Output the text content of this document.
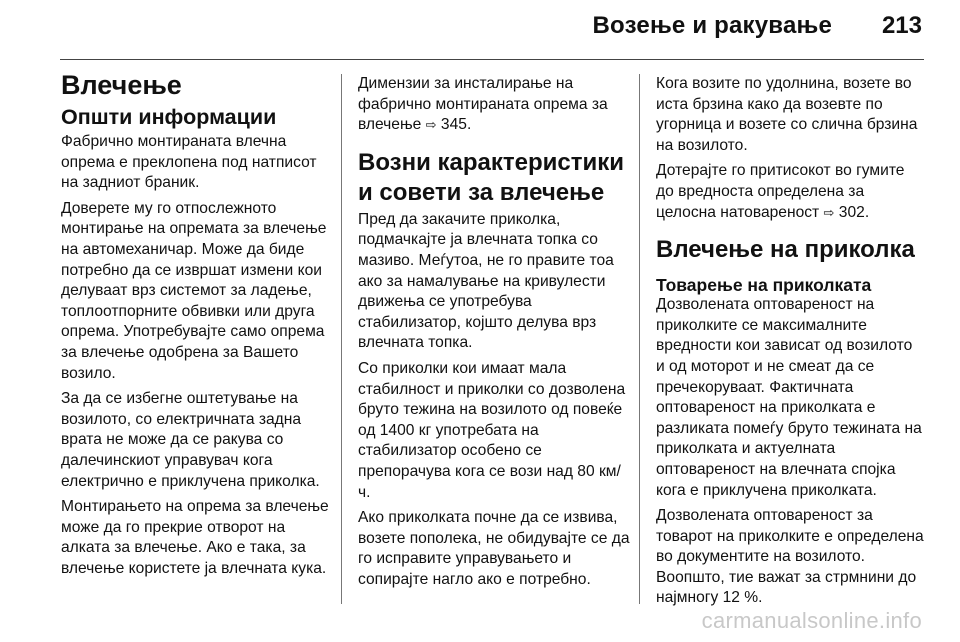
Возење и ракување 213
Влечење
Општи информации

Фабрично монтираната влечна опрема е преклопена под натписот на задниот браник.

Доверете му го отпослежното монтирање на опремата за влечење на автомеханичар. Може да биде потребно да се извршат измени кои делуваат врз системот за ладење, топлоотпорните обвивки или друга опрема. Употребувајте само опрема за влечење одобрена за Вашето возило.

За да се избегне оштетување на возилото, со електричната задна врата не може да се ракува со далечинскиот управувач кога електрично е приклучена приколка.

Монтирањето на опрема за влечење може да го прекрие отворот на алката за влечење. Ако е така, за влечење користете ја влечната кука.

Димензии за инсталирање на фабрично монтираната опрема за влечење ⇨ 345.

Возни карактеристики и совети за влечење

Пред да закачите приколка, подмачкајте ја влечната топка со мазиво. Меѓутоа, не го правите тоа ако за намалување на кривулести движења се употребува стабилизатор, којшто делува врз влечната топка.

Со приколки кои имаат мала стабилност и приколки со дозволена бруто тежина на возилото од повеќе од 1400 кг употребата на стабилизатор особено се препорачува кога се вози над 80 км/ч.

Ако приколката почне да се извива, возете пополека, не обидувајте се да го исправите управувањето и сопирајте нагло ако е потребно.

Кога возите по удолнина, возете во иста брзина како да возевте по угорница и возете со слична брзина на возилото.

Дотерајте го притисокот во гумите до вредноста определена за целосна натовареност ⇨ 302.

Влечење на приколка
Товарење на приколката

Дозволената оптовареност на приколките се максималните вредности кои зависат од возилото и од моторот и не смеат да се пречекоруваат. Фактичната оптовареност на приколката е разликата помеѓу бруто тежината на приколката и актуелната оптовареност на влечната спојка кога е приклучена приколката.

Дозволената оптовареност за товарот на приколките е определена во документите на возилото. Воопшто, тие важат за стрмнини до најмногу 12 %.

carmanualsonline.info
